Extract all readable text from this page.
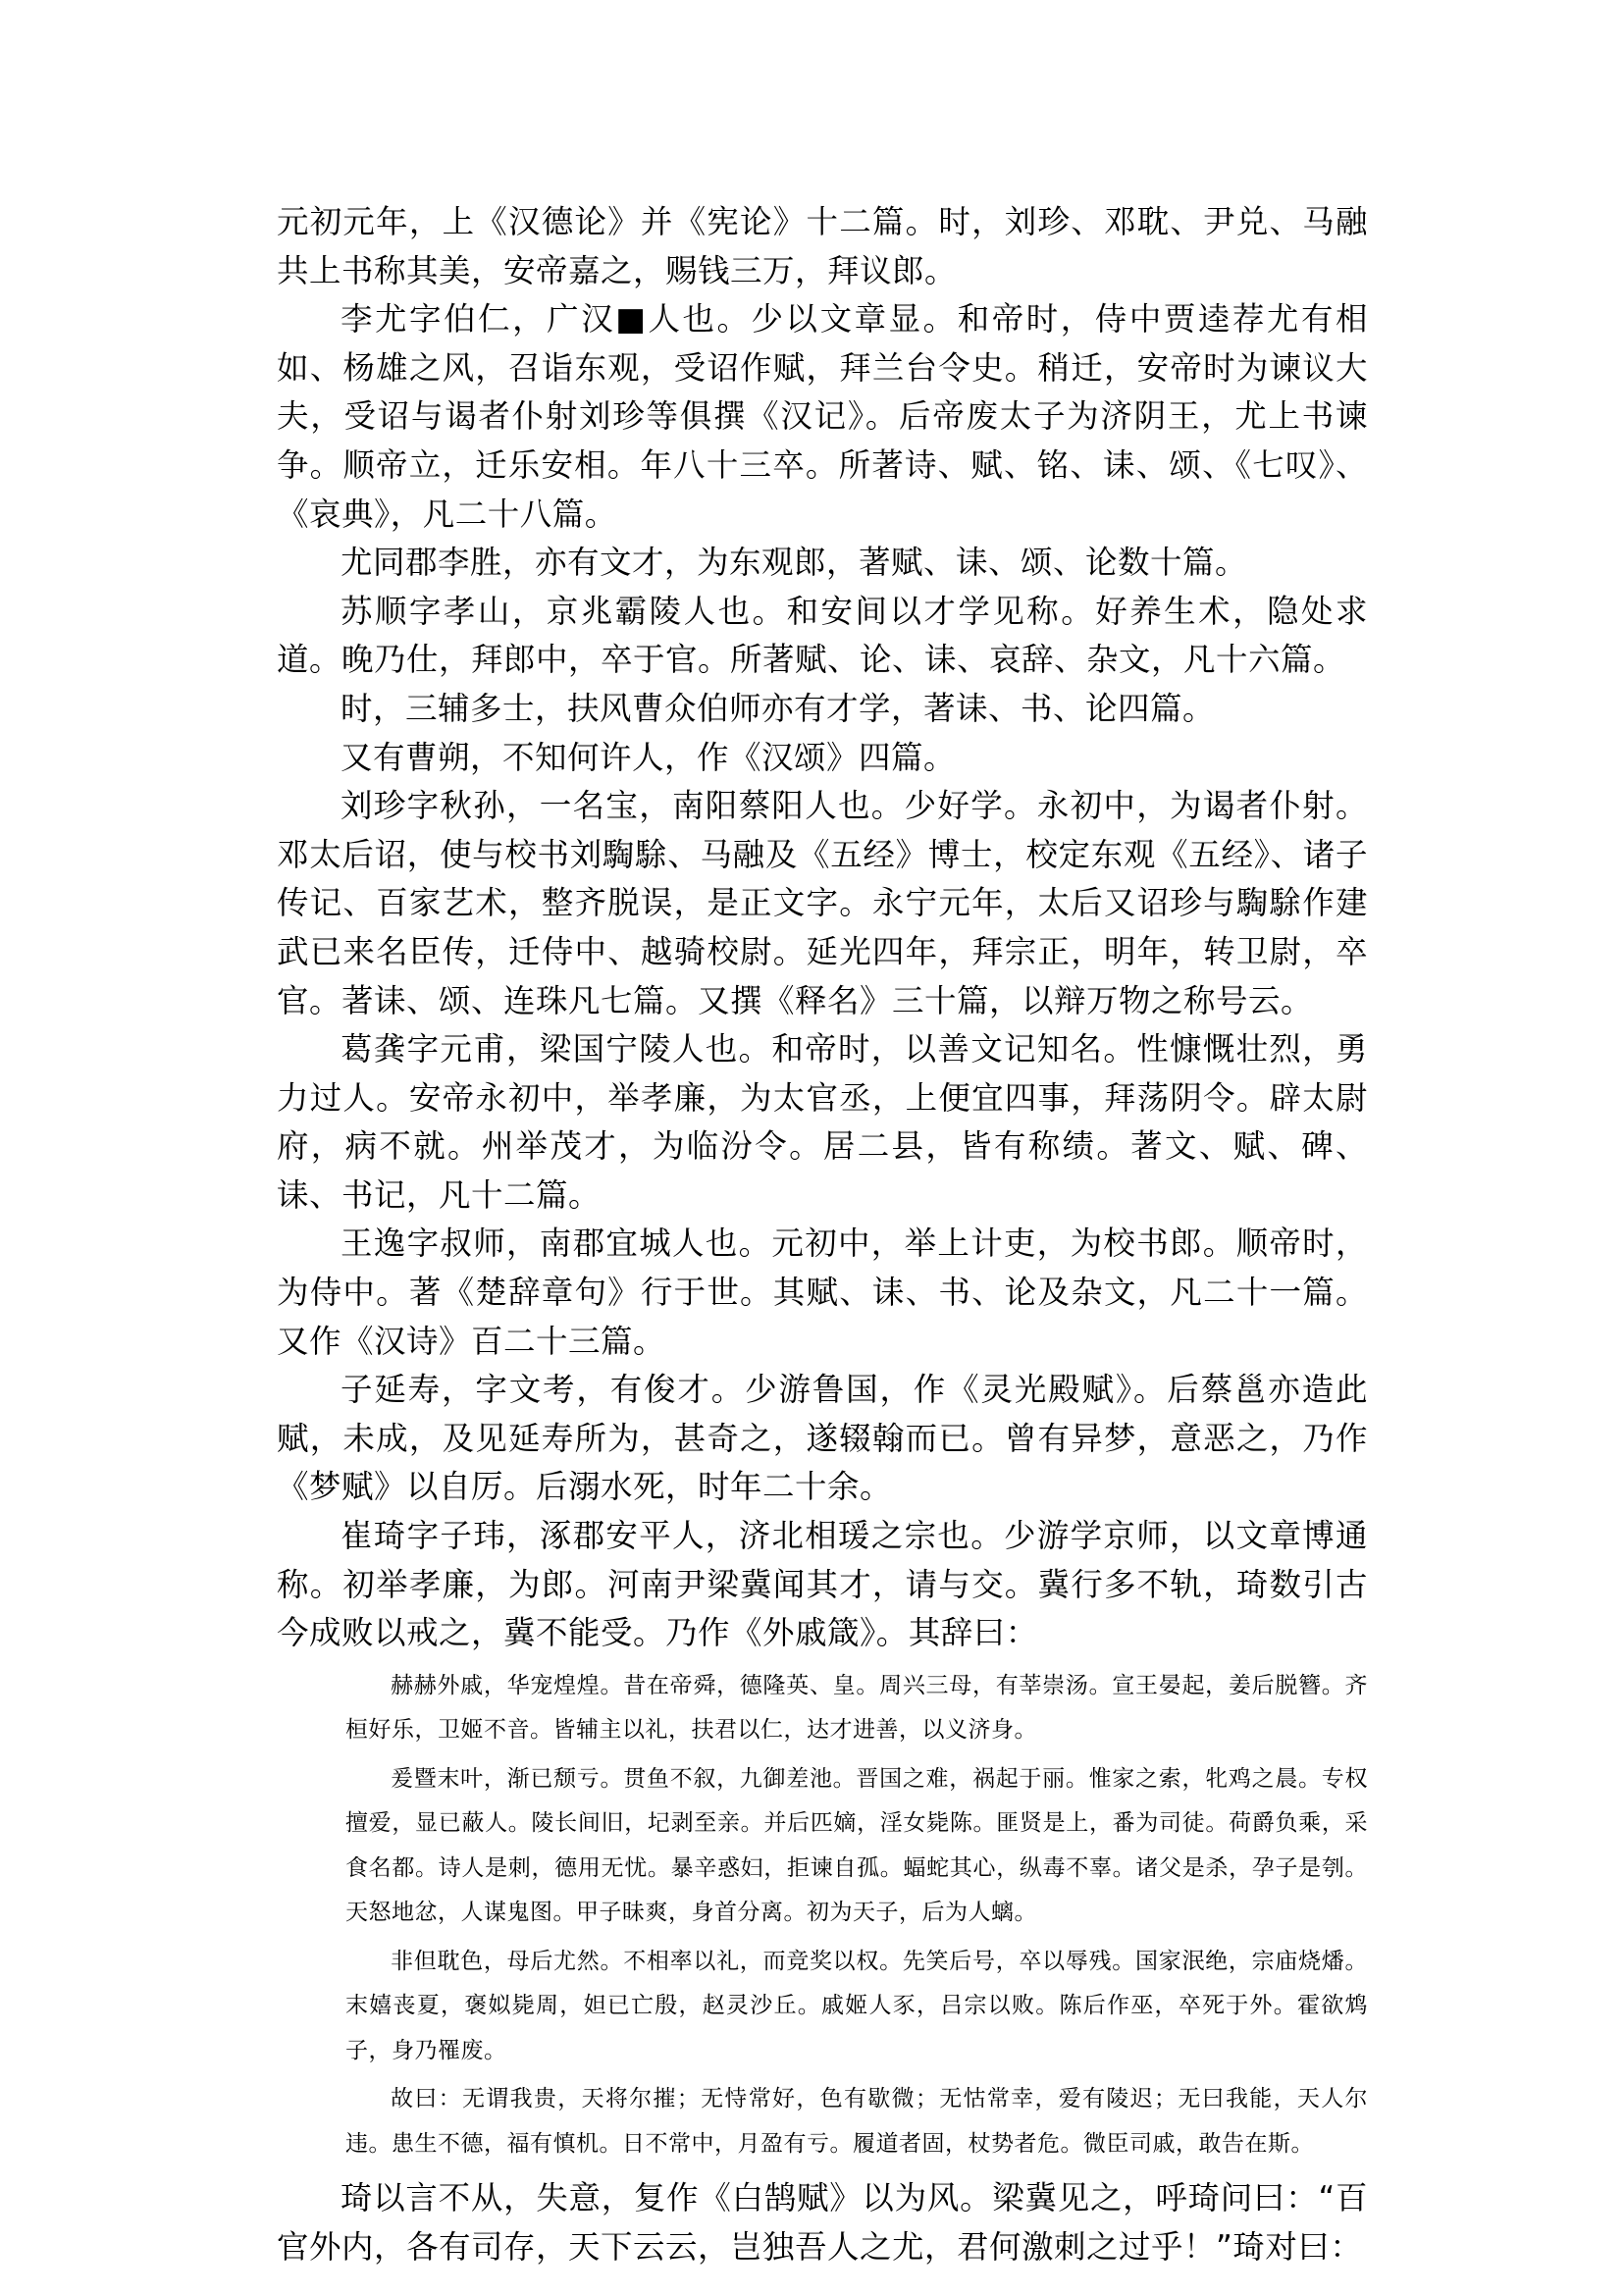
元初元年，上《汉德论》并《宪论》十二篇。时，刘珍、邓耽、尹兑、马融共上书称其美，安帝嘉之，赐钱三万，拜议郎。

李尤字伯仁，广汉■人也。少以文章显。和帝时，侍中贾逵荐尤有相如、杨雄之风，召诣东观，受诏作赋，拜兰台令史。稍迁，安帝时为谏议大夫，受诏与谒者仆射刘珍等俱撰《汉记》。后帝废太子为济阴王，尤上书谏争。顺帝立，迁乐安相。年八十三卒。所著诗、赋、铭、诔、颂、《七叹》、《哀典》，凡二十八篇。

尤同郡李胜，亦有文才，为东观郎，著赋、诔、颂、论数十篇。

苏顺字孝山，京兆霸陵人也。和安间以才学见称。好养生术，隐处求道。晚乃仕，拜郎中，卒于官。所著赋、论、诔、哀辞、杂文，凡十六篇。

时，三辅多士，扶风曹众伯师亦有才学，著诔、书、论四篇。

又有曹朔，不知何许人，作《汉颂》四篇。

刘珍字秋孙，一名宝，南阳蔡阳人也。少好学。永初中，为谒者仆射。邓太后诏，使与校书刘騊駼、马融及《五经》博士，校定东观《五经》、诸子传记、百家艺术，整齐脱误，是正文字。永宁元年，太后又诏珍与騊駼作建武已来名臣传，迁侍中、越骑校尉。延光四年，拜宗正，明年，转卫尉，卒官。著诔、颂、连珠凡七篇。又撰《释名》三十篇，以辩万物之称号云。

葛龚字元甫，梁国宁陵人也。和帝时，以善文记知名。性慷慨壮烈，勇力过人。安帝永初中，举孝廉，为太官丞，上便宜四事，拜荡阴令。辟太尉府，病不就。州举茂才，为临汾令。居二县，皆有称绩。著文、赋、碑、诔、书记，凡十二篇。

王逸字叔师，南郡宜城人也。元初中，举上计吏，为校书郎。顺帝时，为侍中。著《楚辞章句》行于世。其赋、诔、书、论及杂文，凡二十一篇。又作《汉诗》百二十三篇。

子延寿，字文考，有俊才。少游鲁国，作《灵光殿赋》。后蔡邕亦造此赋，未成，及见延寿所为，甚奇之，遂辍翰而已。曾有异梦，意恶之，乃作《梦赋》以自厉。后溺水死，时年二十余。

崔琦字子玮，涿郡安平人，济北相瑗之宗也。少游学京师，以文章博通称。初举孝廉，为郎。河南尹梁冀闻其才，请与交。冀行多不轨，琦数引古今成败以戒之，冀不能受。乃作《外戚箴》。其辞曰：

赫赫外戚，华宠煌煌。昔在帝舜，德隆英、皇。周兴三母，有莘崇汤。宣王晏起，姜后脱簪。齐桓好乐，卫姬不音。皆辅主以礼，扶君以仁，达才进善，以义济身。

爰暨末叶，渐已颓亏。贯鱼不叙，九御差池。晋国之难，祸起于丽。惟家之索，牝鸡之晨。专权擅爱，显已蔽人。陵长间旧，圮剥至亲。并后匹嫡，淫女毙陈。匪贤是上，番为司徒。荷爵负乘，采食名都。诗人是刺，德用无忧。暴辛惑妇，拒谏自孤。蝠蛇其心，纵毒不辜。诸父是杀，孕子是刳。天怒地忿，人谋鬼图。甲子昧爽，身首分离。初为天子，后为人螭。

非但耽色，母后尤然。不相率以礼，而竞奖以权。先笑后号，卒以辱残。国家泯绝，宗庙烧燔。末嬉丧夏，褒姒毙周，妲已亡殷，赵灵沙丘。戚姬人豕，吕宗以败。陈后作巫，卒死于外。霍欲鸩子，身乃罹废。

故曰：无谓我贵，天将尔摧；无恃常好，色有歇微；无怙常幸，爱有陵迟；无曰我能，天人尔违。患生不德，福有慎机。日不常中，月盈有亏。履道者固，杖势者危。微臣司戚，敢告在斯。

琦以言不从，失意，复作《白鹄赋》以为风。梁冀见之，呼琦问曰：“百官外内，各有司存，天下云云，岂独吾人之尤，君何激刺之过乎！”琦对曰：
